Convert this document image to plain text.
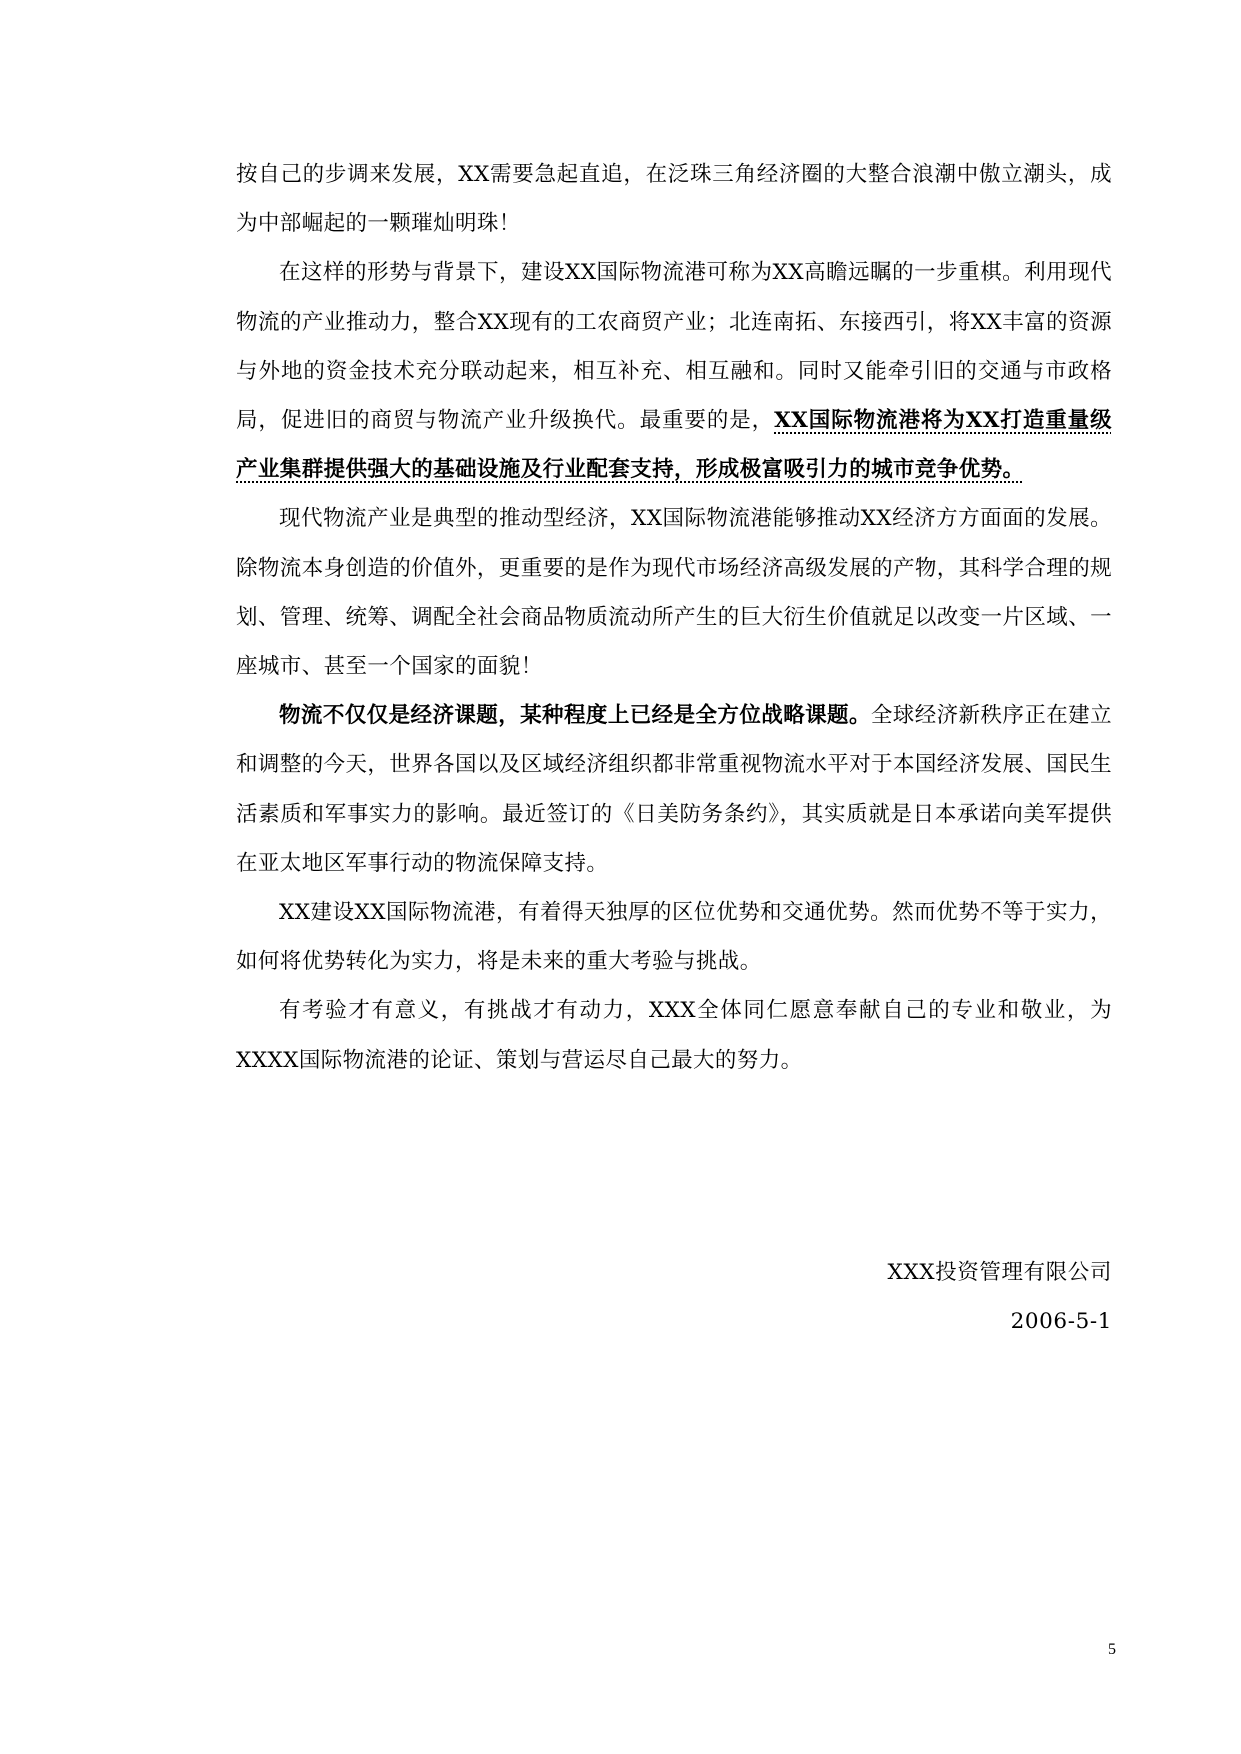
按自己的步调来发展，XX需要急起直追，在泛珠三角经济圈的大整合浪潮中傲立潮头，成为中部崛起的一颗璀灿明珠！

在这样的形势与背景下，建设XX国际物流港可称为XX高瞻远瞩的一步重棋。利用现代物流的产业推动力，整合XX现有的工农商贸产业；北连南拓、东接西引，将XX丰富的资源与外地的资金技术充分联动起来，相互补充、相互融和。同时又能牵引旧的交通与市政格局，促进旧的商贸与物流产业升级换代。最重要的是，XX国际物流港将为XX打造重量级产业集群提供强大的基础设施及行业配套支持，形成极富吸引力的城市竞争优势。

现代物流产业是典型的推动型经济，XX国际物流港能够推动XX经济方方面面的发展。除物流本身创造的价值外，更重要的是作为现代市场经济高级发展的产物，其科学合理的规划、管理、统筹、调配全社会商品物质流动所产生的巨大衍生价值就足以改变一片区域、一座城市、甚至一个国家的面貌！

物流不仅仅是经济课题，某种程度上已经是全方位战略课题。全球经济新秩序正在建立和调整的今天，世界各国以及区域经济组织都非常重视物流水平对于本国经济发展、国民生活素质和军事实力的影响。最近签订的《日美防务条约》，其实质就是日本承诺向美军提供在亚太地区军事行动的物流保障支持。

XX建设XX国际物流港，有着得天独厚的区位优势和交通优势。然而优势不等于实力，如何将优势转化为实力，将是未来的重大考验与挑战。

有考验才有意义，有挑战才有动力，XXX全体同仁愿意奉献自己的专业和敬业，为XXXX国际物流港的论证、策划与营运尽自己最大的努力。

XXX投资管理有限公司
2006-5-1
5
